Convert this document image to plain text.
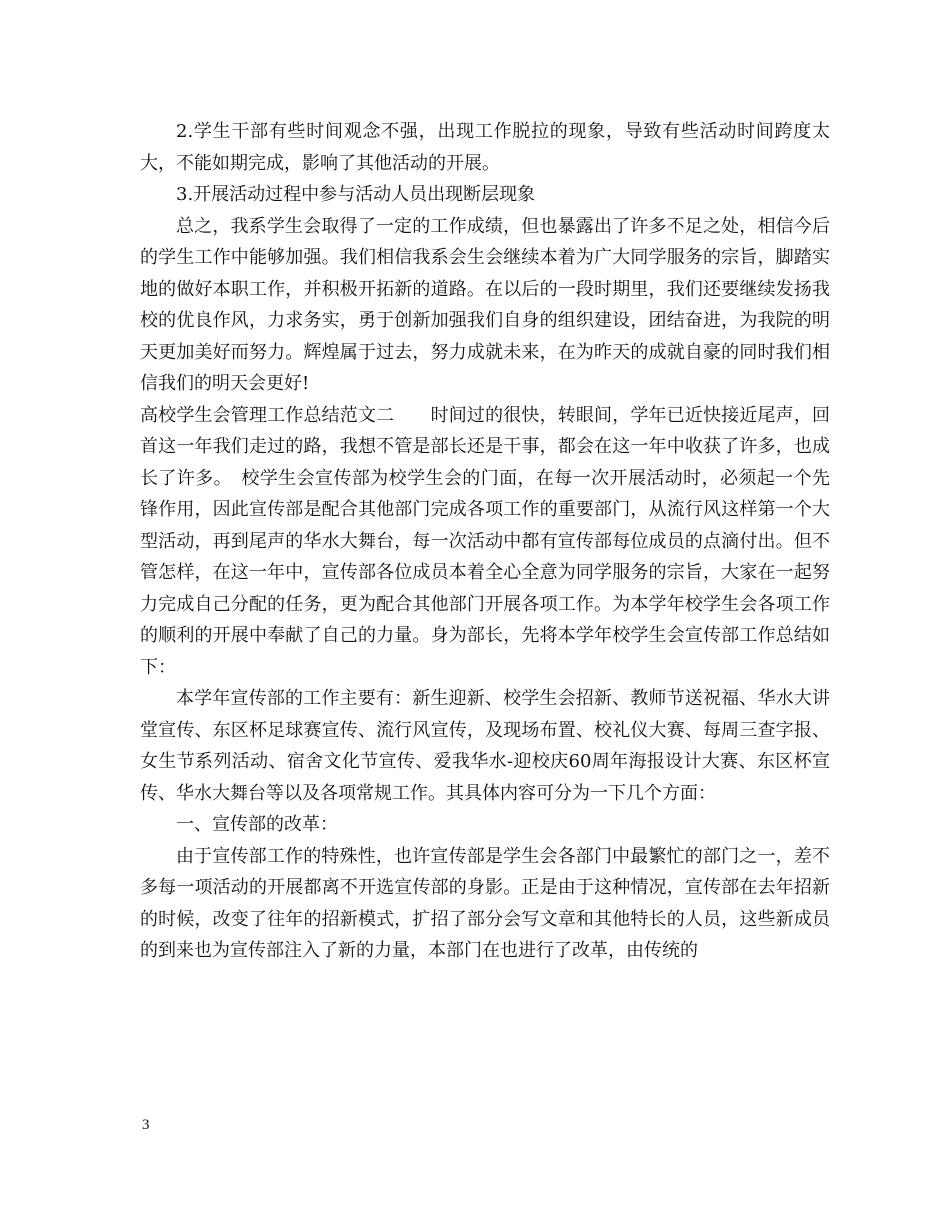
2.学生干部有些时间观念不强，出现工作脱拉的现象，导致有些活动时间跨度太大，不能如期完成，影响了其他活动的开展。

3.开展活动过程中参与活动人员出现断层现象

总之，我系学生会取得了一定的工作成绩，但也暴露出了许多不足之处，相信今后的学生工作中能够加强。我们相信我系会生会继续本着为广大同学服务的宗旨，脚踏实地的做好本职工作，并积极开拓新的道路。在以后的一段时期里，我们还要继续发扬我校的优良作风，力求务实，勇于创新加强我们自身的组织建设，团结奋进，为我院的明天更加美好而努力。辉煌属于过去，努力成就未来，在为昨天的成就自豪的同时我们相信我们的明天会更好!

高校学生会管理工作总结范文二　　时间过的很快，转眼间，学年已近快接近尾声，回首这一年我们走过的路，我想不管是部长还是干事，都会在这一年中收获了许多，也成长了许多。　校学生会宣传部为校学生会的门面，在每一次开展活动时，必须起一个先锋作用，因此宣传部是配合其他部门完成各项工作的重要部门，从流行风这样第一个大型活动，再到尾声的华水大舞台，每一次活动中都有宣传部每位成员的点滴付出。但不管怎样，在这一年中，宣传部各位成员本着全心全意为同学服务的宗旨，大家在一起努力完成自己分配的任务，更为配合其他部门开展各项工作。为本学年校学生会各项工作的顺利的开展中奉献了自己的力量。身为部长，先将本学年校学生会宣传部工作总结如下：

本学年宣传部的工作主要有：新生迎新、校学生会招新、教师节送祝福、华水大讲堂宣传、东区杯足球赛宣传、流行风宣传，及现场布置、校礼仪大赛、每周三查字报、女生节系列活动、宿舍文化节宣传、爱我华水-迎校庆60周年海报设计大赛、东区杯宣传、华水大舞台等以及各项常规工作。其具体内容可分为一下几个方面：

一、宣传部的改革：

由于宣传部工作的特殊性，也许宣传部是学生会各部门中最繁忙的部门之一，差不多每一项活动的开展都离不开选宣传部的身影。正是由于这种情况，宣传部在去年招新的时候，改变了往年的招新模式，扩招了部分会写文章和其他特长的人员，这些新成员的到来也为宣传部注入了新的力量，本部门在也进行了改革，由传统的

3
